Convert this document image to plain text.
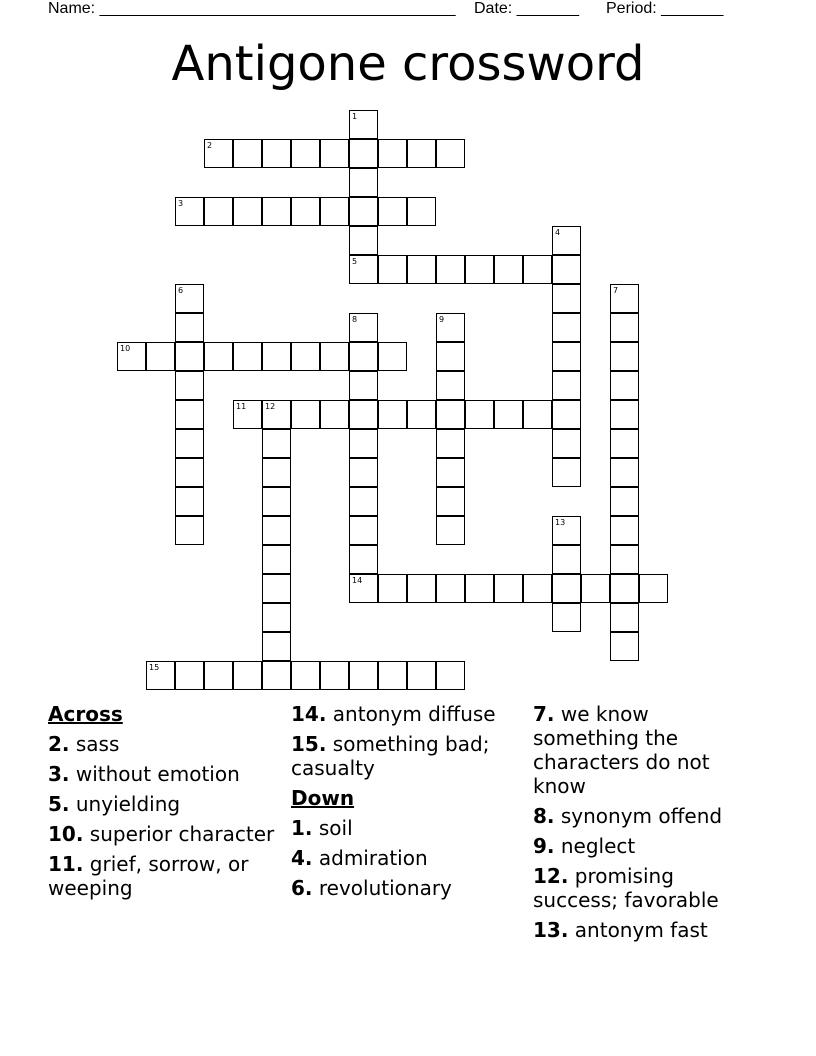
Name: ________________________________________ Date: _______ Period: _______
Antigone crossword
1
5
2
3
4
6	7
8
14
9
10
11 12
13
15
Across
2. sass
3. without emotion
5. unyielding
10. superior character
11. grief, sorrow, or weeping
14. antonym diffuse
15. something bad; casualty
Down
1. soil
4. admiration
6. revolutionary
7. we know something the characters do not know
8. synonym offend
9. neglect
12. promising success; favorable
13. antonym fast
